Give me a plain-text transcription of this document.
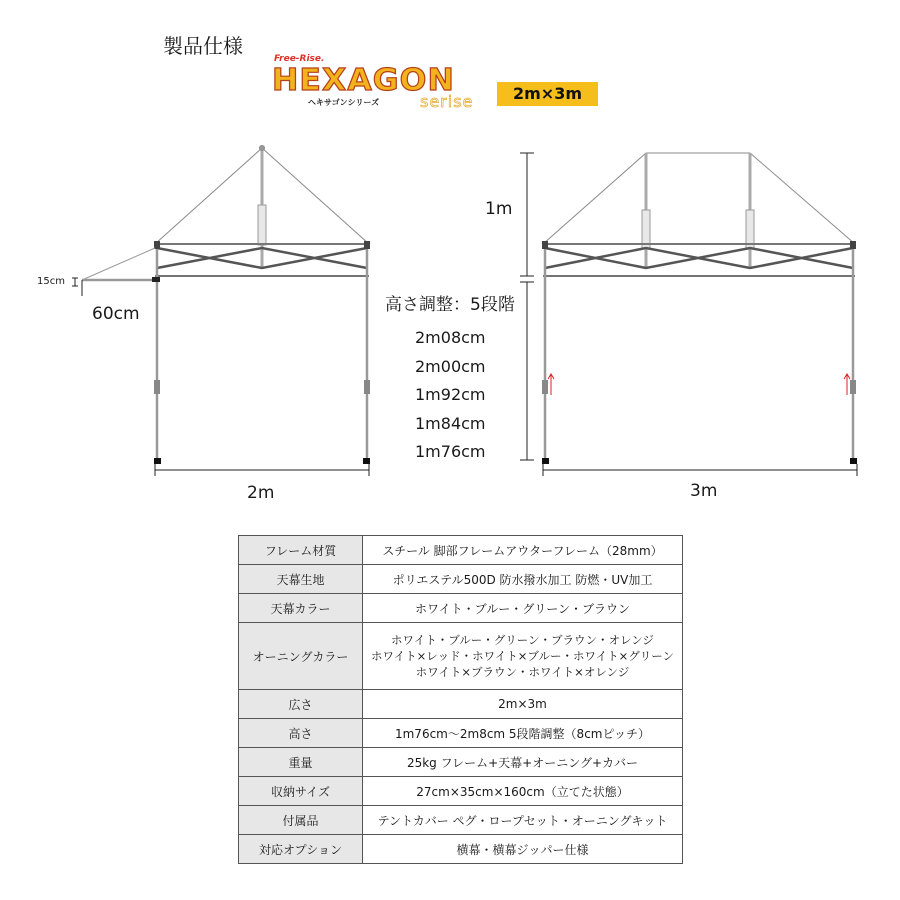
製品仕様
Free-Rise.
HEXAGON
ヘキサゴンシリーズ	serise	2m×3m
15cm
60cm
2m	3m
1m
高さ調整：5段階
2m08cm
2m00cm
1m92cm
1m84cm
1m76cm
フレーム材質	スチール 脚部フレームアウターフレーム（28mm）
天幕生地	ポリエステル500D 防水撥水加工 防燃・UV加工
天幕カラー	ホワイト・ブルー・グリーン・ブラウン
オーニングカラー	ホワイト・ブルー・グリーン・ブラウン・オレンジ
ホワイト×レッド・ホワイト×ブルー・ホワイト×グリーン
ホワイト×ブラウン・ホワイト×オレンジ

広さ	2m×3m
高さ	1m76cm〜2m8cm 5段階調整（8cmピッチ）
重量	25kg フレーム+天幕+オーニング+カバー
収納サイズ	27cm×35cm×160cm（立てた状態）
付属品	テントカバー ペグ・ロープセット・オーニングキット
対応オプション	横幕・横幕ジッパー仕様
